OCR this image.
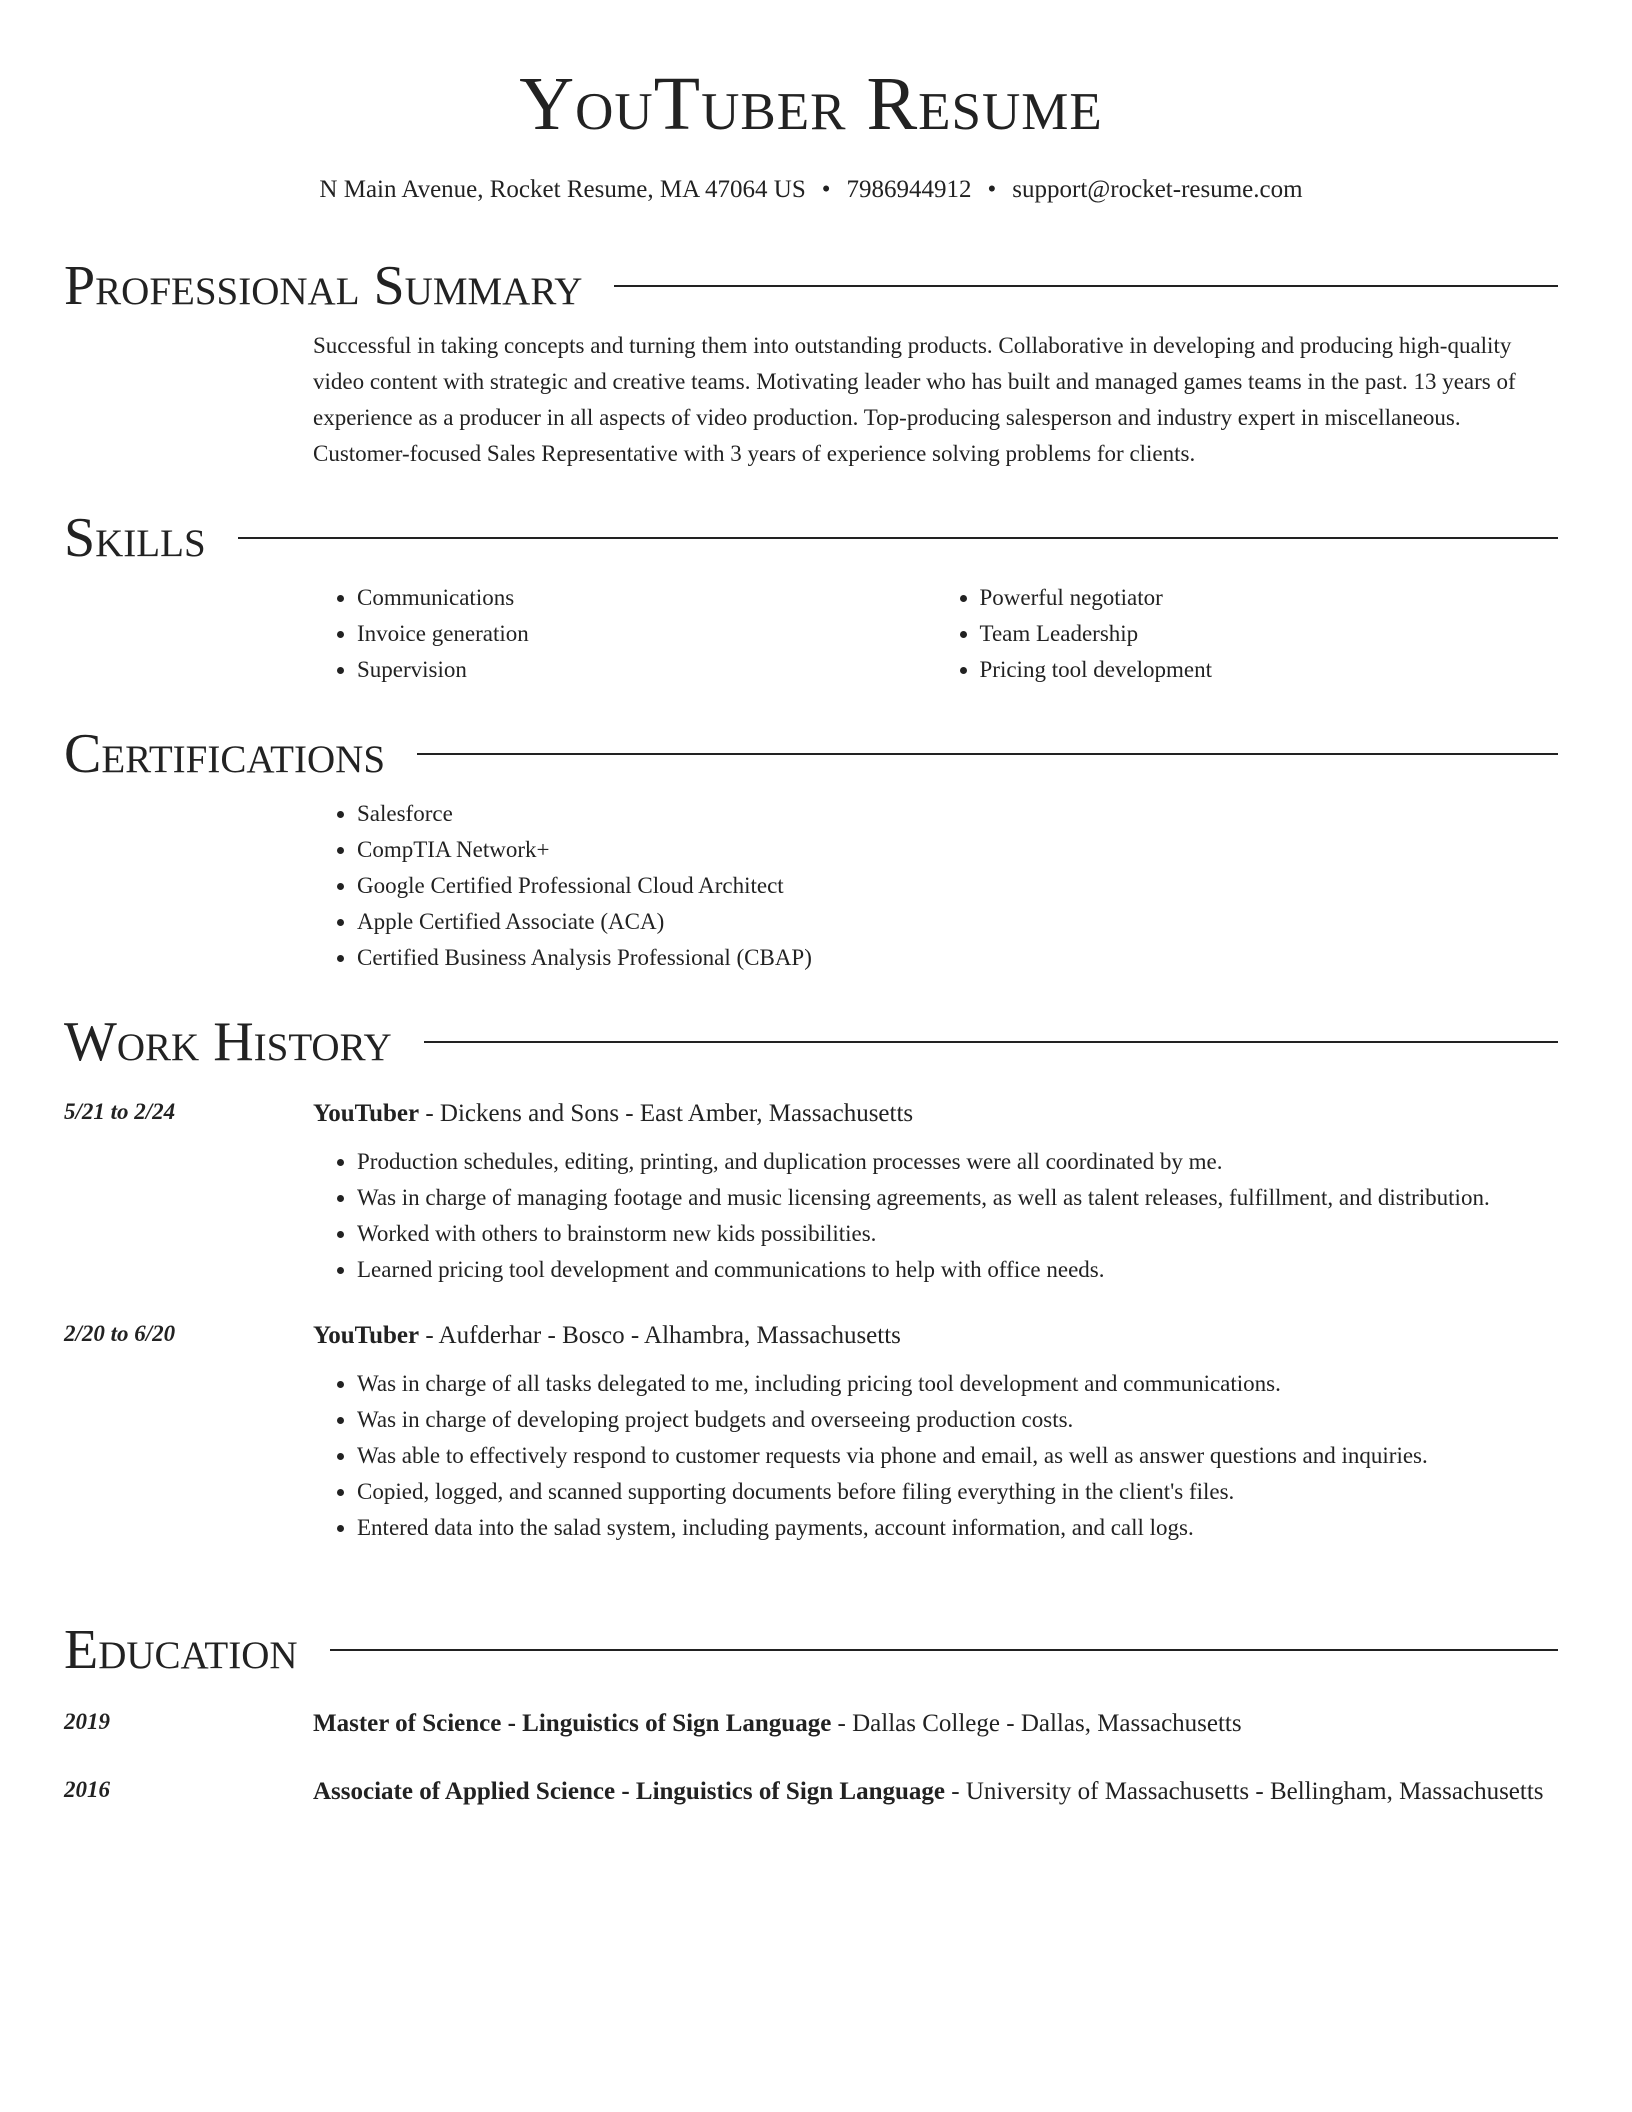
YouTuber Resume
N Main Avenue, Rocket Resume, MA 47064 US • 7986944912 • support@rocket-resume.com
Professional Summary

Successful in taking concepts and turning them into outstanding products. Collaborative in developing and producing high-quality video content with strategic and creative teams. Motivating leader who has built and managed games teams in the past. 13 years of experience as a producer in all aspects of video production. Top-producing salesperson and industry expert in miscellaneous. Customer-focused Sales Representative with 3 years of experience solving problems for clients.

Skills
• Communications
• Invoice generation
• Supervision
• Powerful negotiator
• Team Leadership
• Pricing tool development
Certifications
• Salesforce
• CompTIA Network+
• Google Certified Professional Cloud Architect
• Apple Certified Associate (ACA)
• Certified Business Analysis Professional (CBAP)
Work History
5/21 to 2/24	YouTuber - Dickens and Sons - East Amber, Massachusetts
• Production schedules, editing, printing, and duplication processes were all coordinated by me.
• Was in charge of managing footage and music licensing agreements, as well as talent releases, fulfillment, and distribution.
• Worked with others to brainstorm new kids possibilities.
• Learned pricing tool development and communications to help with office needs.
2/20 to 6/20	YouTuber - Aufderhar - Bosco - Alhambra, Massachusetts
• Was in charge of all tasks delegated to me, including pricing tool development and communications.
• Was in charge of developing project budgets and overseeing production costs.
• Was able to effectively respond to customer requests via phone and email, as well as answer questions and inquiries.
• Copied, logged, and scanned supporting documents before filing everything in the client's files.
• Entered data into the salad system, including payments, account information, and call logs.
Education
2019	Master of Science - Linguistics of Sign Language - Dallas College - Dallas, Massachusetts
2016	Associate of Applied Science - Linguistics of Sign Language - University of Massachusetts - Bellingham, Massachusetts
